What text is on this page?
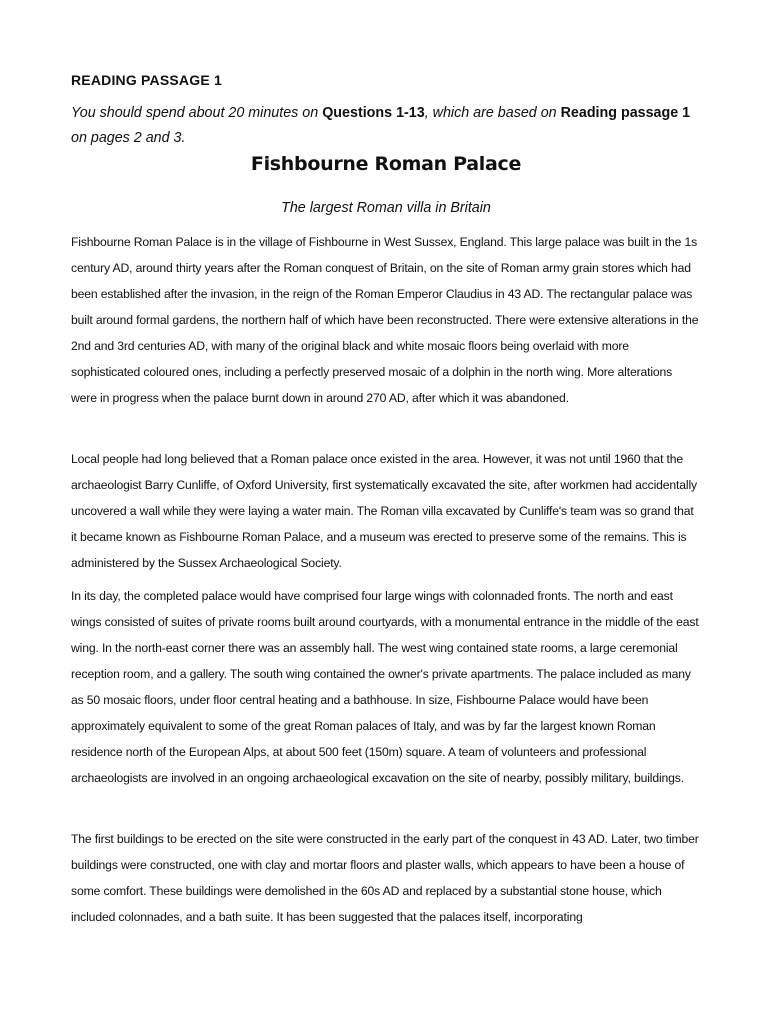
READING PASSAGE 1

You should spend about 20 minutes on Questions 1-13, which are based on Reading passage 1 on pages 2 and 3.

Fishbourne Roman Palace

The largest Roman villa in Britain

Fishbourne Roman Palace is in the village of Fishbourne in West Sussex, England. This large palace was built in the 1s century AD, around thirty years after the Roman conquest of Britain, on the site of Roman army grain stores which had been established after the invasion, in the reign of the Roman Emperor Claudius in 43 AD. The rectangular palace was built around formal gardens, the northern half of which have been reconstructed. There were extensive alterations in the 2nd and 3rd centuries AD, with many of the original black and white mosaic floors being overlaid with more sophisticated coloured ones, including a perfectly preserved mosaic of a dolphin in the north wing. More alterations were in progress when the palace burnt down in around 270 AD, after which it was abandoned.

Local people had long believed that a Roman palace once existed in the area. However, it was not until 1960 that the archaeologist Barry Cunliffe, of Oxford University, first systematically excavated the site, after workmen had accidentally uncovered a wall while they were laying a water main. The Roman villa excavated by Cunliffe's team was so grand that it became known as Fishbourne Roman Palace, and a museum was erected to preserve some of the remains. This is administered by the Sussex Archaeological Society.

In its day, the completed palace would have comprised four large wings with colonnaded fronts. The north and east wings consisted of suites of private rooms built around courtyards, with a monumental entrance in the middle of the east wing. In the north-east corner there was an assembly hall. The west wing contained state rooms, a large ceremonial reception room, and a gallery. The south wing contained the owner's private apartments. The palace included as many as 50 mosaic floors, under floor central heating and a bathhouse. In size, Fishbourne Palace would have been approximately equivalent to some of the great Roman palaces of Italy, and was by far the largest known Roman residence north of the European Alps, at about 500 feet (150m) square. A team of volunteers and professional archaeologists are involved in an ongoing archaeological excavation on the site of nearby, possibly military, buildings.

The first buildings to be erected on the site were constructed in the early part of the conquest in 43 AD. Later, two timber buildings were constructed, one with clay and mortar floors and plaster walls, which appears to have been a house of some comfort. These buildings were demolished in the 60s AD and replaced by a substantial stone house, which included colonnades, and a bath suite. It has been suggested that the palaces itself, incorporating
